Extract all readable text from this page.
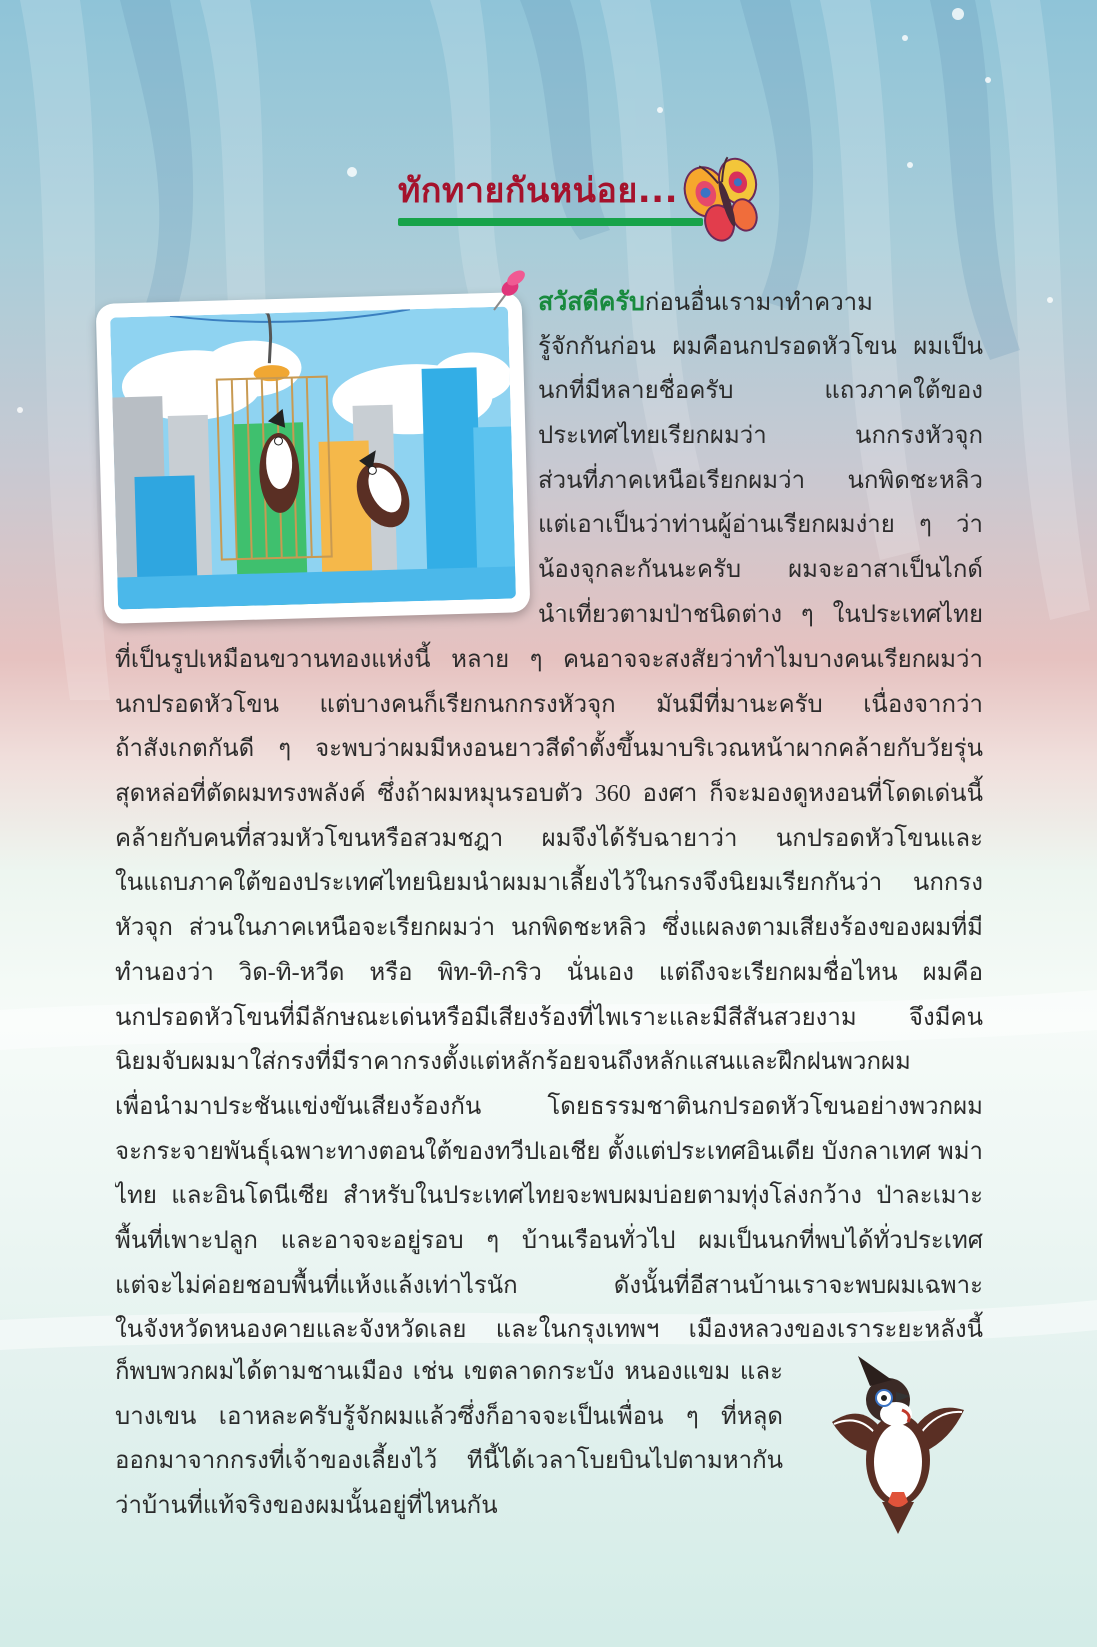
ทักทายกันหน่อย...
สวัสดีครับก่อนอื่นเรามาทำความ
รู้จักกันก่อน ผมคือนกปรอดหัวโขน ผมเป็น
นกที่มีหลายชื่อครับ แถวภาคใต้ของ
ประเทศไทยเรียกผมว่า นกกรงหัวจุก
ส่วนที่ภาคเหนือเรียกผมว่า นกพิดชะหลิว
แต่เอาเป็นว่าท่านผู้อ่านเรียกผมง่าย ๆ ว่า
น้องจุกละกันนะครับ ผมจะอาสาเป็นไกด์
นำเที่ยวตามป่าชนิดต่าง ๆ ในประเทศไทย
ที่เป็นรูปเหมือนขวานทองแห่งนี้ หลาย ๆ คนอาจจะสงสัยว่าทำไมบางคนเรียกผมว่า
นกปรอดหัวโขน แต่บางคนก็เรียกนกกรงหัวจุก มันมีที่มานะครับ เนื่องจากว่า
ถ้าสังเกตกันดี ๆ จะพบว่าผมมีหงอนยาวสีดำตั้งขึ้นมาบริเวณหน้าผากคล้ายกับวัยรุ่น
สุดหล่อที่ตัดผมทรงพลังค์ ซึ่งถ้าผมหมุนรอบตัว 360 องศา ก็จะมองดูหงอนที่โดดเด่นนี้
คล้ายกับคนที่สวมหัวโขนหรือสวมชฎา ผมจึงได้รับฉายาว่า นกปรอดหัวโขนและ
ในแถบภาคใต้ของประเทศไทยนิยมนำผมมาเลี้ยงไว้ในกรงจึงนิยมเรียกกันว่า นกกรง
หัวจุก ส่วนในภาคเหนือจะเรียกผมว่า นกพิดชะหลิว ซึ่งแผลงตามเสียงร้องของผมที่มี
ทำนองว่า วิด-ทิ-หวีด หรือ พิท-ทิ-กริว นั่นเอง แต่ถึงจะเรียกผมชื่อไหน ผมคือ
นกปรอดหัวโขนที่มีลักษณะเด่นหรือมีเสียงร้องที่ไพเราะและมีสีสันสวยงาม จึงมีคน
นิยมจับผมมาใส่กรงที่มีราคากรงตั้งแต่หลักร้อยจนถึงหลักแสนและฝึกฝนพวกผม
เพื่อนำมาประชันแข่งขันเสียงร้องกัน โดยธรรมชาตินกปรอดหัวโขนอย่างพวกผม
จะกระจายพันธุ์เฉพาะทางตอนใต้ของทวีปเอเชีย ตั้งแต่ประเทศอินเดีย บังกลาเทศ พม่า
ไทย และอินโดนีเซีย สำหรับในประเทศไทยจะพบผมบ่อยตามทุ่งโล่งกว้าง ป่าละเมาะ
พื้นที่เพาะปลูก และอาจจะอยู่รอบ ๆ บ้านเรือนทั่วไป ผมเป็นนกที่พบได้ทั่วประเทศ
แต่จะไม่ค่อยชอบพื้นที่แห้งแล้งเท่าไรนัก ดังนั้นที่อีสานบ้านเราจะพบผมเฉพาะ
ในจังหวัดหนองคายและจังหวัดเลย และในกรุงเทพฯ เมืองหลวงของเราระยะหลังนี้
ก็พบพวกผมได้ตามชานเมือง เช่น เขตลาดกระบัง หนองแขม และ
บางเขน เอาหละครับรู้จักผมแล้วซึ่งก็อาจจะเป็นเพื่อน ๆ ที่หลุด
ออกมาจากกรงที่เจ้าของเลี้ยงไว้ ทีนี้ได้เวลาโบยบินไปตามหากัน
ว่าบ้านที่แท้จริงของผมนั้นอยู่ที่ไหนกัน
